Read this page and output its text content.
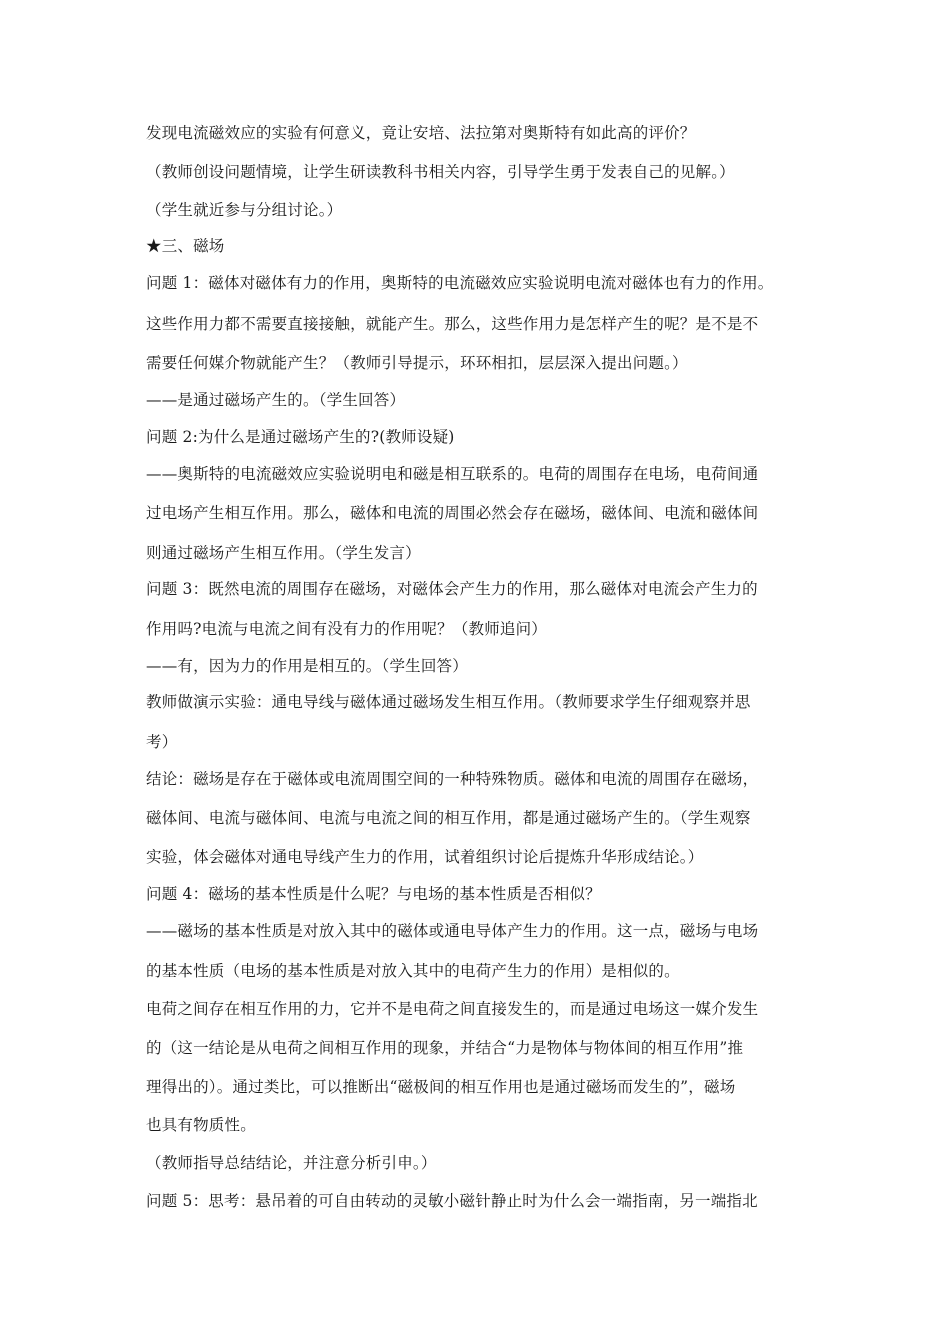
发现电流磁效应的实验有何意义，竟让安培、法拉第对奥斯特有如此高的评价？
（教师创设问题情境，让学生研读教科书相关内容，引导学生勇于发表自己的见解。）
（学生就近参与分组讨论。）
★三、磁场
问题 1：磁体对磁体有力的作用，奥斯特的电流磁效应实验说明电流对磁体也有力的作用。
这些作用力都不需要直接接触，就能产生。那么，这些作用力是怎样产生的呢？是不是不
需要任何媒介物就能产生？（教师引导提示，环环相扣，层层深入提出问题。）
——是通过磁场产生的。（学生回答）
问题 2:为什么是通过磁场产生的?(教师设疑)
——奥斯特的电流磁效应实验说明电和磁是相互联系的。电荷的周围存在电场，电荷间通
过电场产生相互作用。那么，磁体和电流的周围必然会存在磁场，磁体间、电流和磁体间
则通过磁场产生相互作用。（学生发言）
问题 3：既然电流的周围存在磁场，对磁体会产生力的作用，那么磁体对电流会产生力的
作用吗?电流与电流之间有没有力的作用呢？（教师追问）
——有，因为力的作用是相互的。（学生回答）
教师做演示实验：通电导线与磁体通过磁场发生相互作用。（教师要求学生仔细观察并思
考）
结论：磁场是存在于磁体或电流周围空间的一种特殊物质。磁体和电流的周围存在磁场，
磁体间、电流与磁体间、电流与电流之间的相互作用，都是通过磁场产生的。（学生观察
实验，体会磁体对通电导线产生力的作用，试着组织讨论后提炼升华形成结论。）
问题 4：磁场的基本性质是什么呢？与电场的基本性质是否相似？
——磁场的基本性质是对放入其中的磁体或通电导体产生力的作用。这一点，磁场与电场
的基本性质（电场的基本性质是对放入其中的电荷产生力的作用）是相似的。
电荷之间存在相互作用的力，它并不是电荷之间直接发生的，而是通过电场这一媒介发生
的（这一结论是从电荷之间相互作用的现象，并结合“力是物体与物体间的相互作用”推
理得出的）。通过类比，可以推断出“磁极间的相互作用也是通过磁场而发生的”，磁场
也具有物质性。
（教师指导总结结论，并注意分析引申。）
问题 5：思考：悬吊着的可自由转动的灵敏小磁针静止时为什么会一端指南，另一端指北
